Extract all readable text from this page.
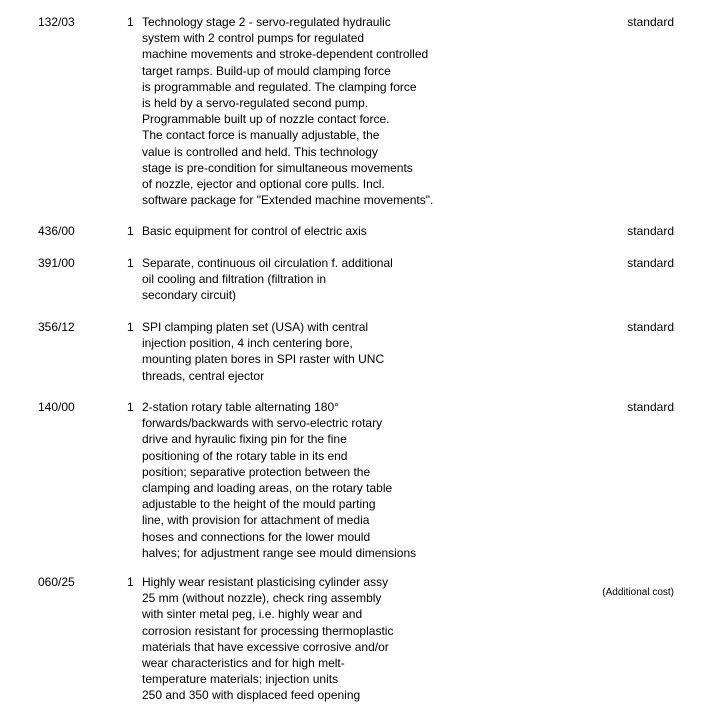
132/03	1 Technology stage 2 - servo-regulated hydraulic
system with 2 control pumps for regulated
machine movements and stroke-dependent controlled
target ramps. Build-up of mould clamping force
is programmable and regulated. The clamping force
is held by a servo-regulated second pump.
Programmable built up of nozzle contact force.
The contact force is manually adjustable, the
value is controlled and held. This technology
stage is pre-condition for simultaneous movements
of nozzle, ejector and optional core pulls. Incl.
software package for "Extended machine movements".
standard
436/00	1 Basic equipment for control of electric axis	standard
391/00	1 Separate, continuous oil circulation f. additional
oil cooling and filtration (filtration in
secondary circuit)
standard
356/12	1 SPI clamping platen set (USA) with central
injection position, 4 inch centering bore,
mounting platen bores in SPI raster with UNC
threads, central ejector
standard
140/00	1 2-station rotary table alternating 180°
forwards/backwards with servo-electric rotary
drive and hyraulic fixing pin for the fine
positioning of the rotary table in its end
position; separative protection between the
clamping and loading areas, on the rotary table
adjustable to the height of the mould parting
line, with provision for attachment of media
hoses and connections for the lower mould
halves; for adjustment range see mould dimensions
standard
060/25	1 Highly wear resistant plasticising cylinder assy
25 mm (without nozzle), check ring assembly
with sinter metal peg, i.e. highly wear and
corrosion resistant for processing thermoplastic
materials that have excessive corrosive and/or
wear characteristics and for high melt-
temperature materials; injection units
250 and 350 with displaced feed opening
(Additional cost)
